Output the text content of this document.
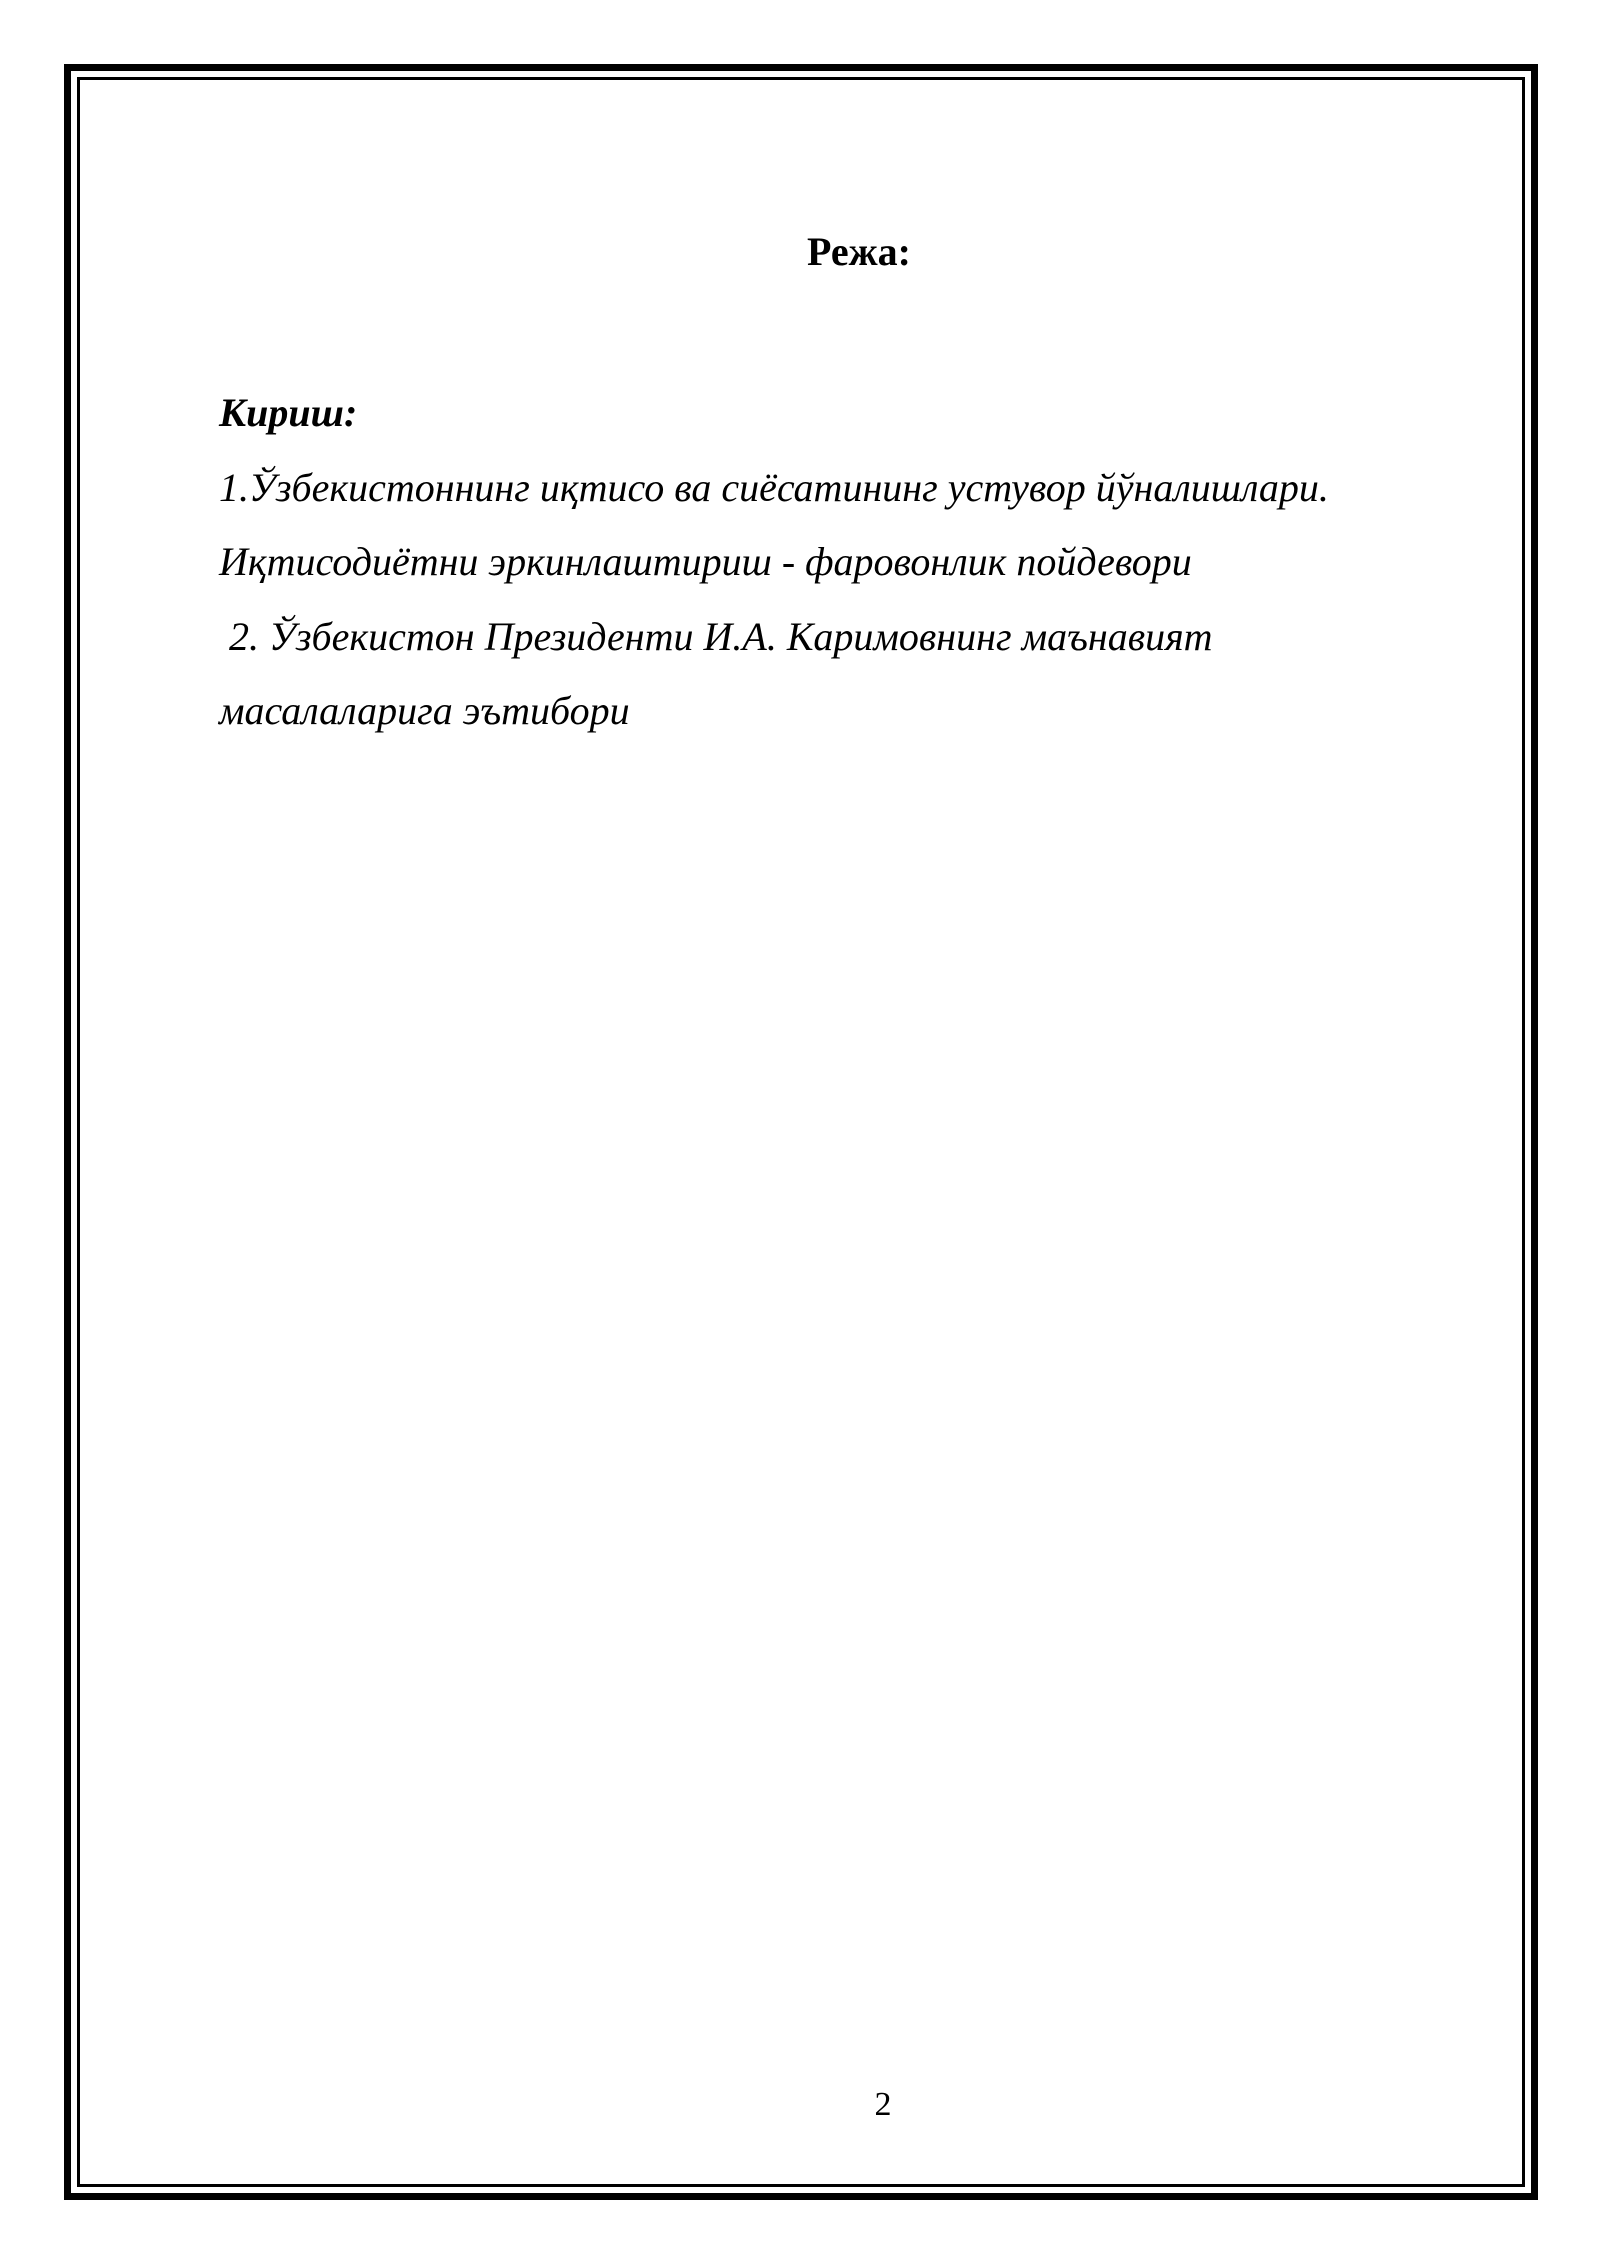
Режа:
Кириш:
1.Ўзбекистоннинг иқтисо ва сиёсатининг устувор йўналишлари.
Иқтисодиётни эркинлаштириш - фаровонлик пойдевори
2. Ўзбекистон Президенти И.А. Каримовнинг маънавият
масалаларига эътибори
2
